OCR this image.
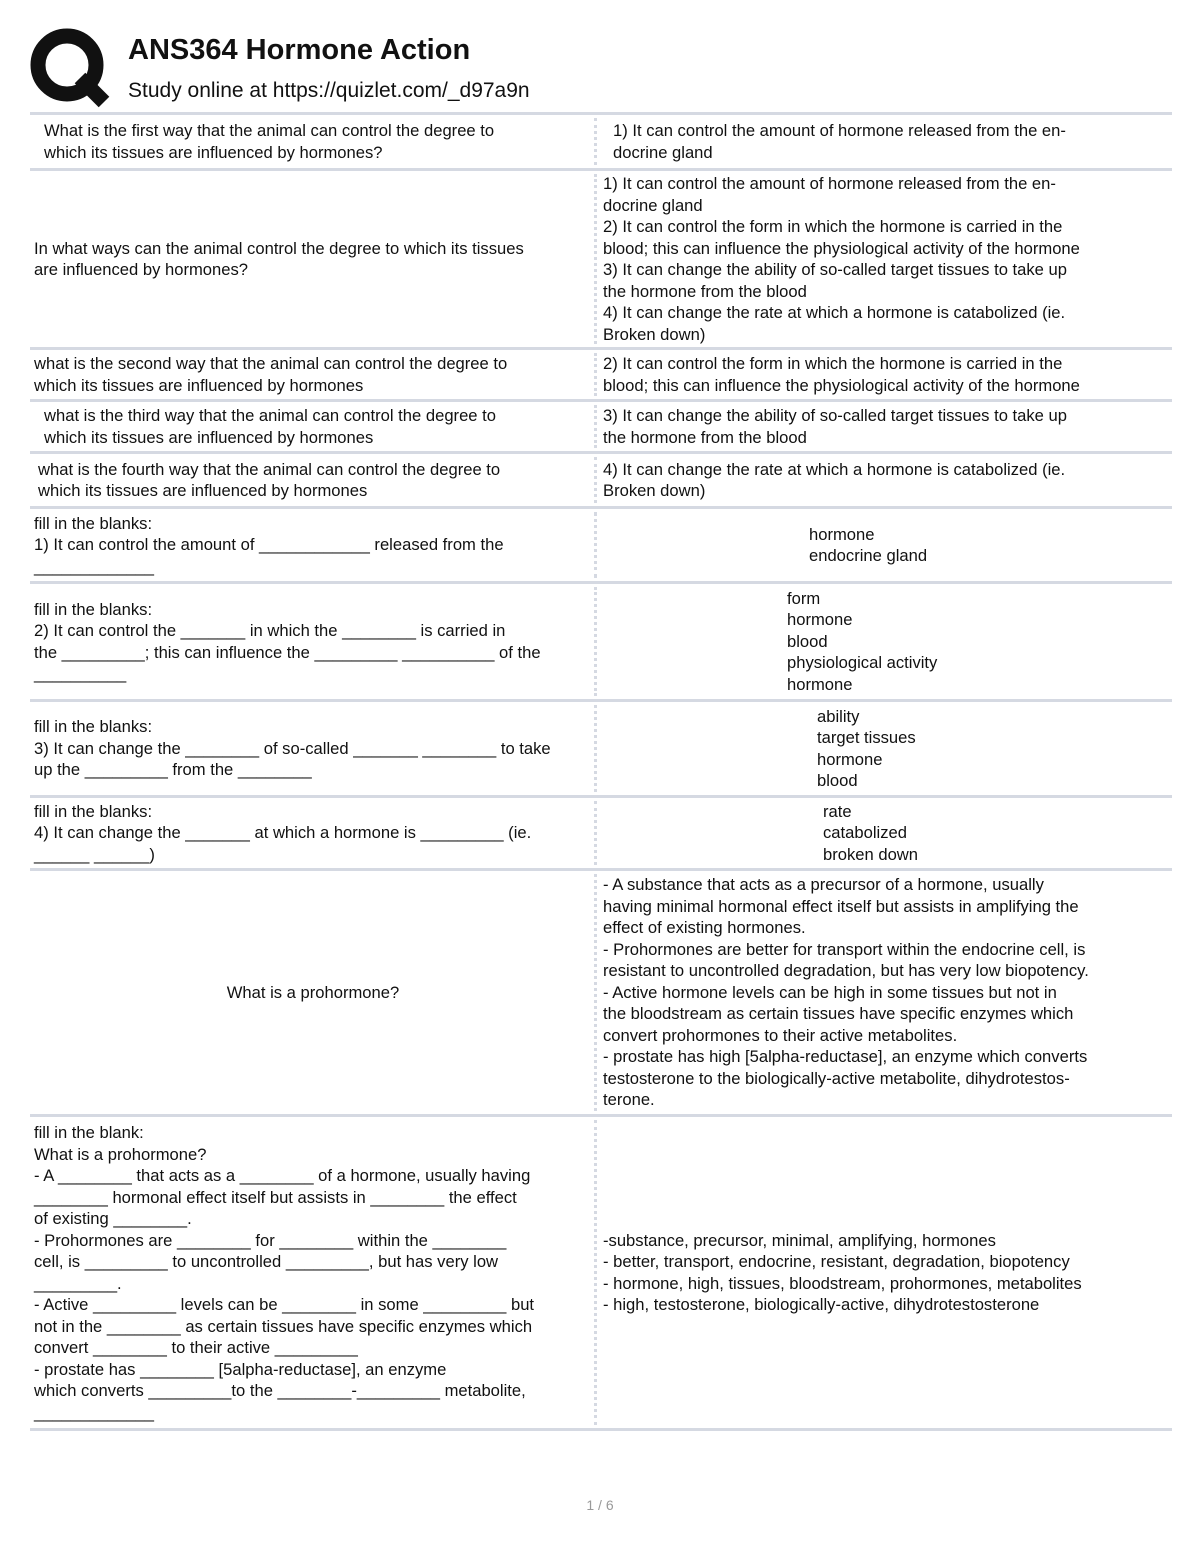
ANS364 Hormone Action
Study online at https://quizlet.com/_d97a9n
What is the first way that the animal can control the degree to
which its tissues are influenced by hormones?
1) It can control the amount of hormone released from the en-
docrine gland
In what ways can the animal control the degree to which its tissues
are influenced by hormones?
1) It can control the amount of hormone released from the en-
docrine gland
2) It can control the form in which the hormone is carried in the
blood; this can influence the physiological activity of the hormone
3) It can change the ability of so-called target tissues to take up
the hormone from the blood
4) It can change the rate at which a hormone is catabolized (ie.
Broken down)
what is the second way that the animal can control the degree to
which its tissues are influenced by hormones
2) It can control the form in which the hormone is carried in the
blood; this can influence the physiological activity of the hormone
what is the third way that the animal can control the degree to
which its tissues are influenced by hormones
3) It can change the ability of so-called target tissues to take up
the hormone from the blood
what is the fourth way that the animal can control the degree to
which its tissues are influenced by hormones
4) It can change the rate at which a hormone is catabolized (ie.
Broken down)
fill in the blanks:
1) It can control the amount of ____________ released from the
_____________
hormone
endocrine gland
fill in the blanks:
2) It can control the _______ in which the ________ is carried in
the _________; this can influence the _________ __________ of the
__________
form
hormone
blood
physiological activity
hormone
fill in the blanks:
3) It can change the ________ of so-called _______ ________ to take
up the _________ from the ________
ability
target tissues
hormone
blood
fill in the blanks:
4) It can change the _______ at which a hormone is _________ (ie.
______ ______)
rate
catabolized
broken down
What is a prohormone?
- A substance that acts as a precursor of a hormone, usually
having minimal hormonal effect itself but assists in amplifying the
effect of existing hormones.
- Prohormones are better for transport within the endocrine cell, is
resistant to uncontrolled degradation, but has very low biopotency.
- Active hormone levels can be high in some tissues but not in
the bloodstream as certain tissues have specific enzymes which
convert prohormones to their active metabolites.
- prostate has high [5alpha-reductase], an enzyme which converts
testosterone to the biologically-active metabolite, dihydrotestos-
terone.
fill in the blank:
What is a prohormone?
- A ________ that acts as a ________ of a hormone, usually having
________ hormonal effect itself but assists in ________ the effect
of existing ________.
- Prohormones are ________ for ________ within the ________
cell, is _________ to uncontrolled _________, but has very low
_________.
- Active _________ levels can be ________ in some _________ but
not in the ________ as certain tissues have specific enzymes which
convert ________ to their active _________
- prostate has ________ [5alpha-reductase], an enzyme
which converts _________to the ________-_________ metabolite,
_____________
-substance, precursor, minimal, amplifying, hormones
- better, transport, endocrine, resistant, degradation, biopotency
- hormone, high, tissues, bloodstream, prohormones, metabolites
- high, testosterone, biologically-active, dihydrotestosterone
1 / 6
